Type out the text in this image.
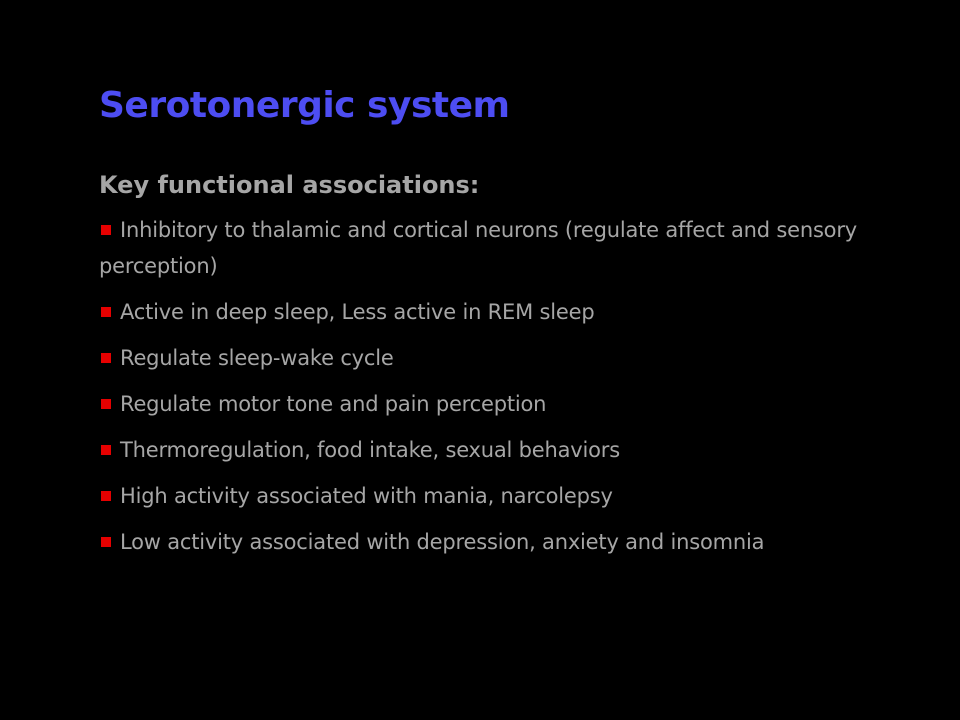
Serotonergic system
Key functional associations:
Inhibitory to thalamic and cortical neurons (regulate affect and sensory perception)
Active in deep sleep, Less active in REM sleep
Regulate sleep-wake cycle
Regulate motor tone and pain perception
Thermoregulation, food intake, sexual behaviors
High activity associated with mania, narcolepsy
Low activity associated with depression, anxiety and insomnia
